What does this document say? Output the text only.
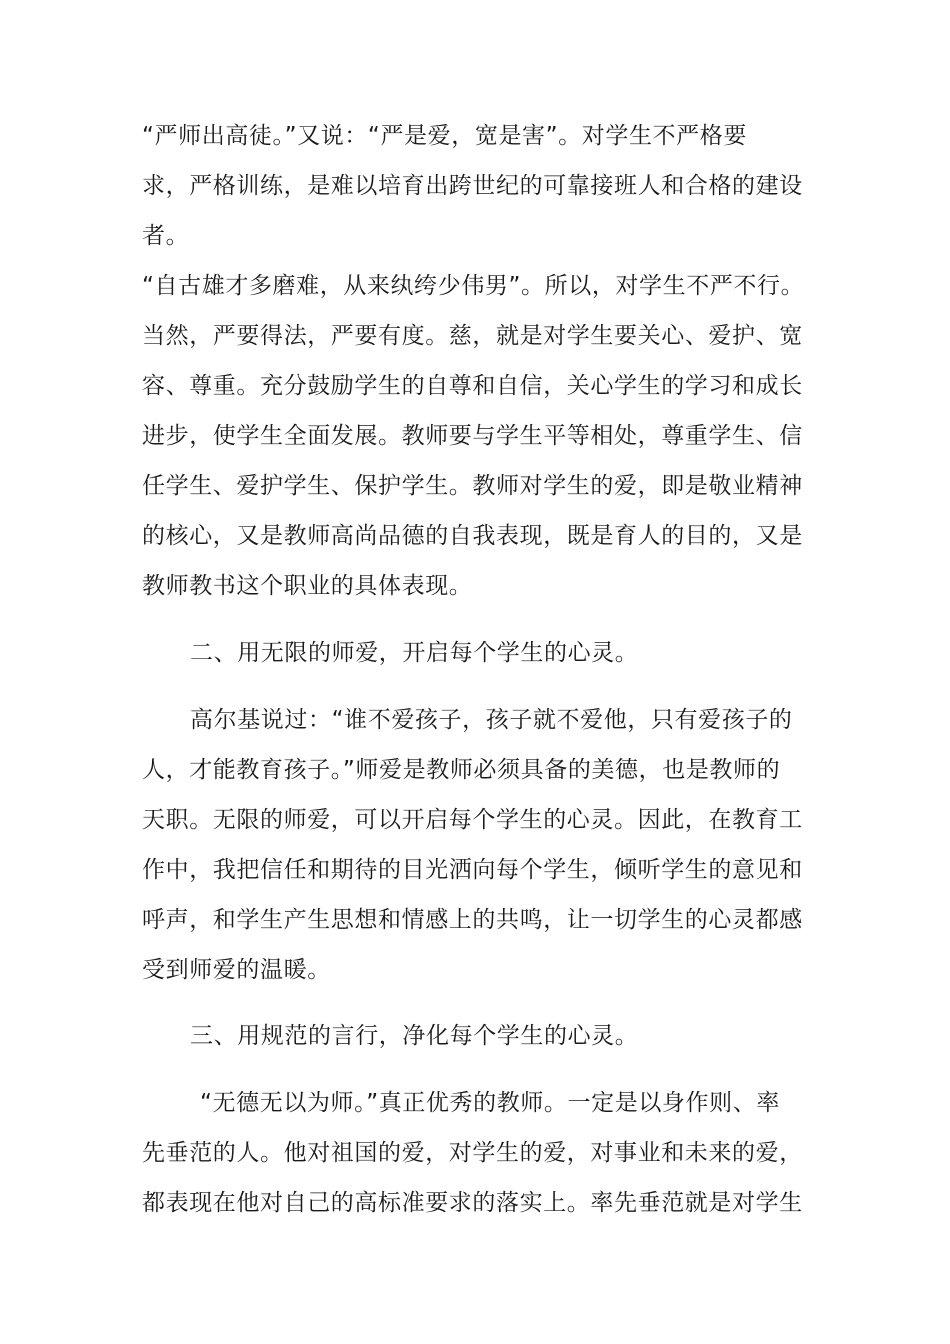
“严师出高徒。”又说：“严是爱，宽是害”。对学生不严格要
求，严格训练，是难以培育出跨世纪的可靠接班人和合格的建设
者。
“自古雄才多磨难，从来纨绔少伟男”。所以，对学生不严不行。
当然，严要得法，严要有度。慈，就是对学生要关心、爱护、宽
容、尊重。充分鼓励学生的自尊和自信，关心学生的学习和成长
进步，使学生全面发展。教师要与学生平等相处，尊重学生、信
任学生、爱护学生、保护学生。教师对学生的爱，即是敬业精神
的核心，又是教师高尚品德的自我表现，既是育人的目的，又是
教师教书这个职业的具体表现。
二、用无限的师爱，开启每个学生的心灵。
高尔基说过：“谁不爱孩子，孩子就不爱他，只有爱孩子的
人，才能教育孩子。”师爱是教师必须具备的美德，也是教师的
天职。无限的师爱，可以开启每个学生的心灵。因此，在教育工
作中，我把信任和期待的目光洒向每个学生，倾听学生的意见和
呼声，和学生产生思想和情感上的共鸣，让一切学生的心灵都感
受到师爱的温暖。
三、用规范的言行，净化每个学生的心灵。
“无德无以为师。”真正优秀的教师。一定是以身作则、率
先垂范的人。他对祖国的爱，对学生的爱，对事业和未来的爱，
都表现在他对自己的高标准要求的落实上。率先垂范就是对学生
